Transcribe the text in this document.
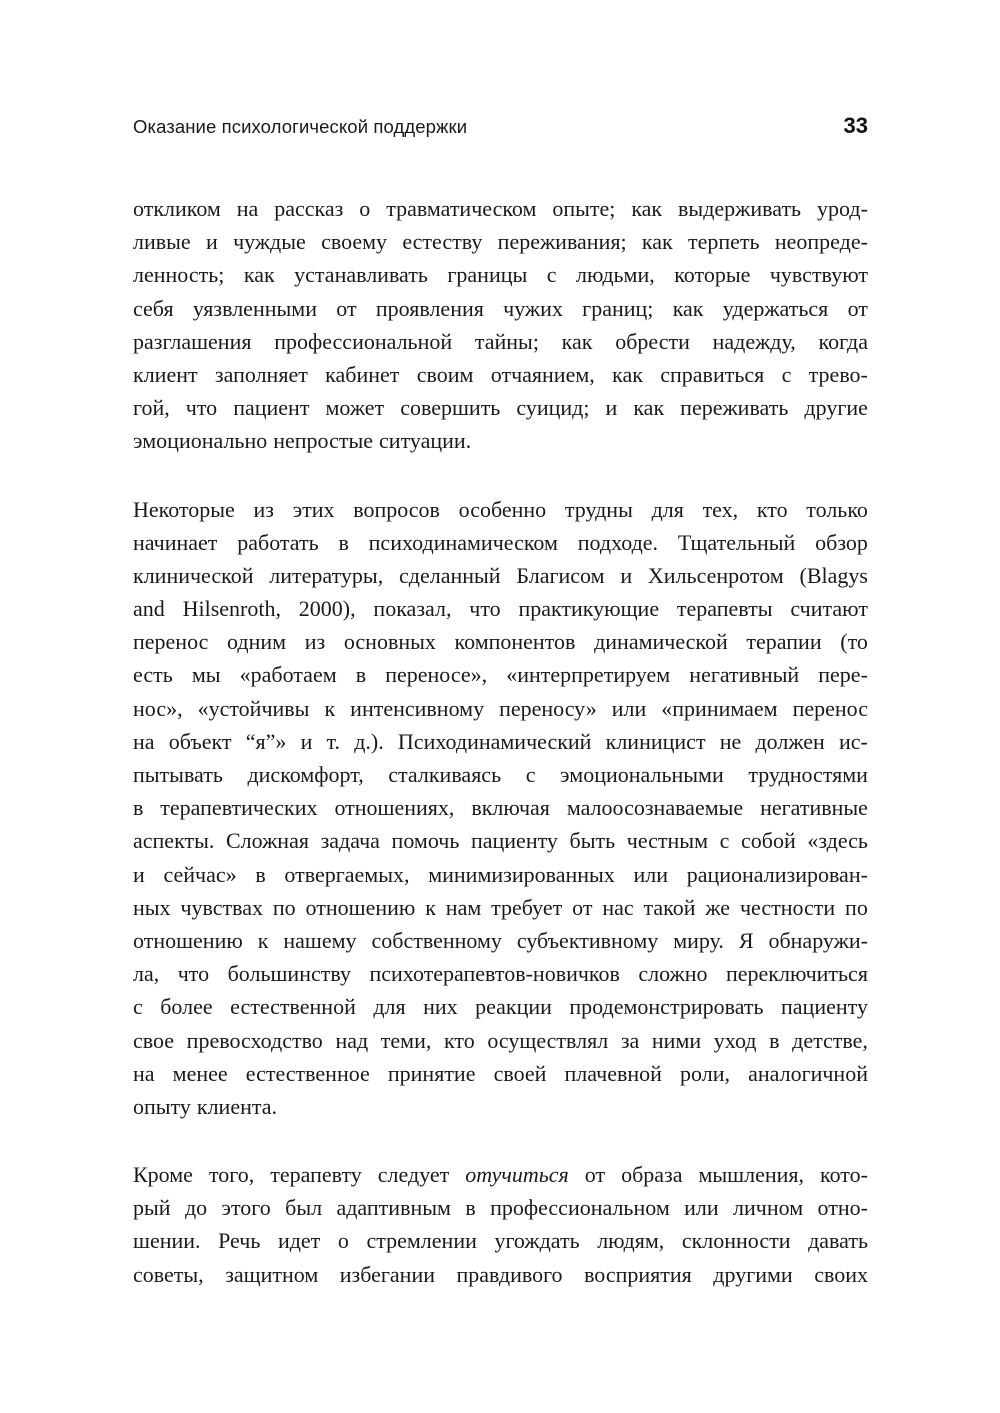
Оказание психологической поддержки	33
откликом на рассказ о травматическом опыте; как выдерживать урод-
ливые и чуждые своему естеству переживания; как терпеть неопреде-
ленность; как устанавливать границы с людьми, которые чувствуют
себя уязвленными от проявления чужих границ; как удержаться от
разглашения профессиональной тайны; как обрести надежду, когда
клиент заполняет кабинет своим отчаянием, как справиться с трево-
гой, что пациент может совершить суицид; и как переживать другие
эмоционально непростые ситуации.
Некоторые из этих вопросов особенно трудны для тех, кто только
начинает работать в психодинамическом подходе. Тщательный обзор
клинической литературы, сделанный Благисом и Хильсенротом (Blagys
and Hilsenroth, 2000), показал, что практикующие терапевты считают
перенос одним из основных компонентов динамической терапии (то
есть мы «работаем в переносе», «интерпретируем негативный пере-
нос», «устойчивы к интенсивному переносу» или «принимаем перенос
на объект “я”» и т. д.). Психодинамический клиницист не должен ис-
пытывать дискомфорт, сталкиваясь с эмоциональными трудностями
в терапевтических отношениях, включая малоосознаваемые негативные
аспекты. Сложная задача помочь пациенту быть честным с собой «здесь
и сейчас» в отвергаемых, минимизированных или рационализирован-
ных чувствах по отношению к нам требует от нас такой же честности по
отношению к нашему собственному субъективному миру. Я обнаружи-
ла, что большинству психотерапевтов-новичков сложно переключиться
с более естественной для них реакции продемонстрировать пациенту
свое превосходство над теми, кто осуществлял за ними уход в детстве,
на менее естественное принятие своей плачевной роли, аналогичной
опыту клиента.
Кроме того, терапевту следует отучиться от образа мышления, кото-
рый до этого был адаптивным в профессиональном или личном отно-
шении. Речь идет о стремлении угождать людям, склонности давать
советы, защитном избегании правдивого восприятия другими своих
